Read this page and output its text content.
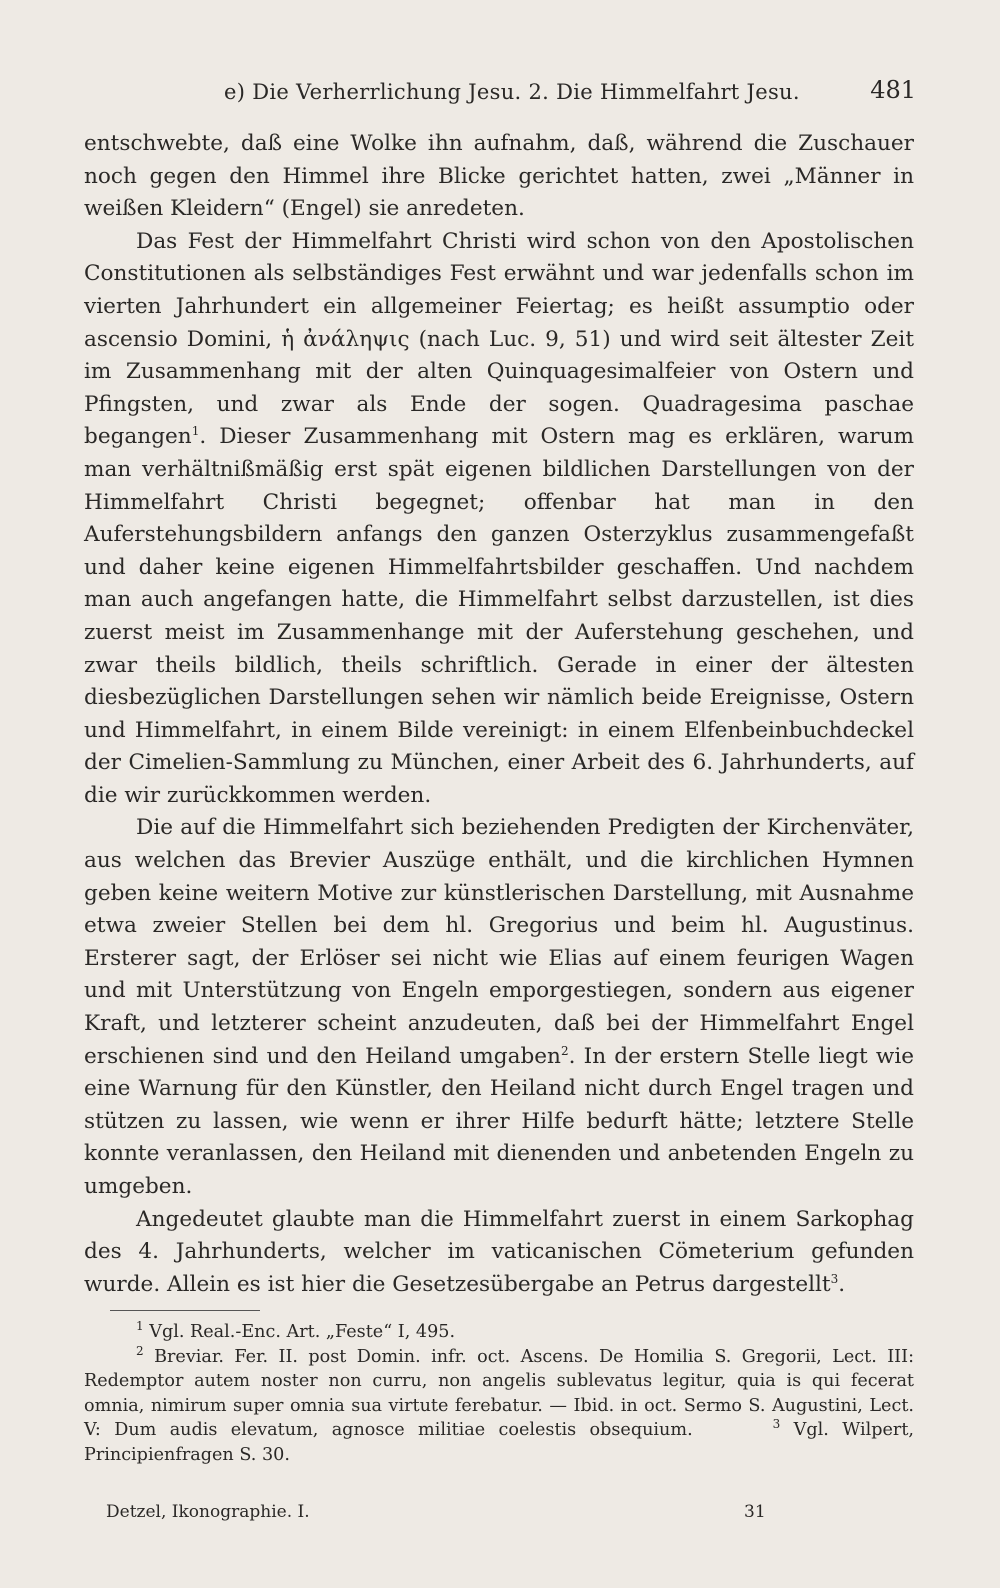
e) Die Verherrlichung Jesu. 2. Die Himmelfahrt Jesu.	481

entschwebte, daß eine Wolke ihn aufnahm, daß, während die Zuschauer noch gegen den Himmel ihre Blicke gerichtet hatten, zwei „Männer in weißen Kleidern“ (Engel) sie anredeten.

Das Fest der Himmelfahrt Christi wird schon von den Apostolischen Constitutionen als selbständiges Fest erwähnt und war jedenfalls schon im vierten Jahrhundert ein allgemeiner Feiertag; es heißt assumptio oder ascensio Domini, ἡ ἀνάληψις (nach Luc. 9, 51) und wird seit ältester Zeit im Zusammenhang mit der alten Quinquagesimalfeier von Ostern und Pfingsten, und zwar als Ende der sogen. Quadragesima paschae begangen$^1$. Dieser Zusammenhang mit Ostern mag es erklären, warum man verhältnißmäßig erst spät eigenen bildlichen Darstellungen von der Himmelfahrt Christi begegnet; offenbar hat man in den Auferstehungsbildern anfangs den ganzen Osterzyklus zusammengefaßt und daher keine eigenen Himmelfahrtsbilder geschaffen. Und nachdem man auch angefangen hatte, die Himmelfahrt selbst darzustellen, ist dies zuerst meist im Zusammenhange mit der Auferstehung geschehen, und zwar theils bildlich, theils schriftlich. Gerade in einer der ältesten diesbezüglichen Darstellungen sehen wir nämlich beide Ereignisse, Ostern und Himmelfahrt, in einem Bilde vereinigt: in einem Elfenbeinbuchdeckel der Cimelien-Sammlung zu München, einer Arbeit des 6. Jahrhunderts, auf die wir zurückkommen werden.

Die auf die Himmelfahrt sich beziehenden Predigten der Kirchenväter, aus welchen das Brevier Auszüge enthält, und die kirchlichen Hymnen geben keine weitern Motive zur künstlerischen Darstellung, mit Ausnahme etwa zweier Stellen bei dem hl. Gregorius und beim hl. Augustinus. Ersterer sagt, der Erlöser sei nicht wie Elias auf einem feurigen Wagen und mit Unterstützung von Engeln emporgestiegen, sondern aus eigener Kraft, und letzterer scheint anzudeuten, daß bei der Himmelfahrt Engel erschienen sind und den Heiland umgaben$^2$. In der erstern Stelle liegt wie eine Warnung für den Künstler, den Heiland nicht durch Engel tragen und stützen zu lassen, wie wenn er ihrer Hilfe bedurft hätte; letztere Stelle konnte veranlassen, den Heiland mit dienenden und anbetenden Engeln zu umgeben.

Angedeutet glaubte man die Himmelfahrt zuerst in einem Sarkophag des 4. Jahrhunderts, welcher im vaticanischen Cömeterium gefunden wurde. Allein es ist hier die Gesetzesübergabe an Petrus dargestellt$^3$.

$^1$ Vgl. Real.-Enc. Art. „Feste“ I, 495.

$^2$ Breviar. Fer. II. post Domin. infr. oct. Ascens. De Homilia S. Gregorii, Lect. III: Redemptor autem noster non curru, non angelis sublevatus legitur, quia is qui fecerat omnia, nimirum super omnia sua virtute ferebatur. — Ibid. in oct. Sermo S. Augustini, Lect. V: Dum audis elevatum, agnosce militiae coelestis obsequium.	$^3$ Vgl. Wilpert, Principienfragen S. 30.

Detzel, Ikonographie. I.	31
